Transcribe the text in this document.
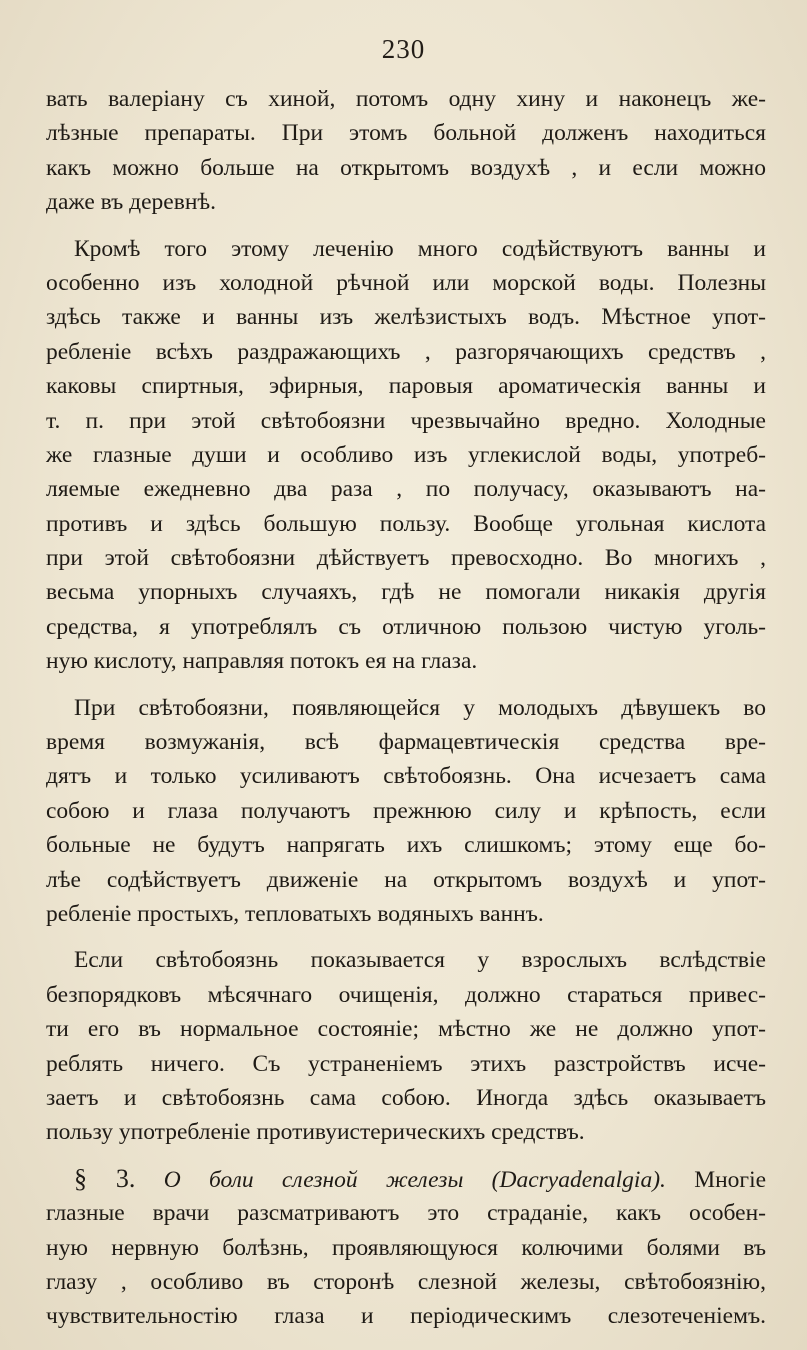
230
вать валеріану съ хиной, потомъ одну хину и наконецъ же-
лѣзные препараты. При этомъ больной долженъ находиться
какъ можно больше на открытомъ воздухѣ , и если можно
даже въ деревнѣ.
Кромѣ того этому леченію много содѣйствуютъ ванны и
особенно изъ холодной рѣчной или морской воды. Полезны
здѣсь также и ванны изъ желѣзистыхъ водъ. Мѣстное упот-
ребленіе всѣхъ раздражающихъ , разгорячающихъ средствъ ,
каковы спиртныя, эфирныя, паровыя ароматическія ванны и
т. п. при этой свѣтобоязни чрезвычайно вредно. Холодные
же глазные души и особливо изъ углекислой воды, употреб-
ляемые ежедневно два раза , по получасу, оказываютъ на-
противъ и здѣсь большую пользу. Вообще угольная кислота
при этой свѣтобоязни дѣйствуетъ превосходно. Во многихъ ,
весьма упорныхъ случаяхъ, гдѣ не помогали никакія другія
средства, я употреблялъ съ отличною пользою чистую уголь-
ную кислоту, направляя потокъ ея на глаза.
При свѣтобоязни, появляющейся у молодыхъ дѣвушекъ во
время возмужанія, всѣ фармацевтическія средства вре-
дятъ и только усиливаютъ свѣтобоязнь. Она исчезаетъ сама
собою и глаза получаютъ прежнюю силу и крѣпость, если
больные не будутъ напрягать ихъ слишкомъ; этому еще бо-
лѣе содѣйствуетъ движеніе на открытомъ воздухѣ и упот-
ребленіе простыхъ, тепловатыхъ водяныхъ ваннъ.
Если свѣтобоязнь показывается у взрослыхъ вслѣдствіе
безпорядковъ мѣсячнаго очищенія, должно стараться привес-
ти его въ нормальное состояніе; мѣстно же не должно упот-
реблять ничего. Съ устраненіемъ этихъ разстройствъ исче-
заетъ и свѣтобоязнь сама собою. Иногда здѣсь оказываетъ
пользу употребленіе противуистерическихъ средствъ.
§ 3. О боли слезной железы (Dacryadenalgia). Многіе
глазные врачи разсматриваютъ это страданіе, какъ особен-
ную нервную болѣзнь, проявляющуюся колючими болями въ
глазу , особливо въ сторонѣ слезной железы, свѣтобоязнію,
чувствительностію глаза и періодическимъ слезотеченіемъ.
